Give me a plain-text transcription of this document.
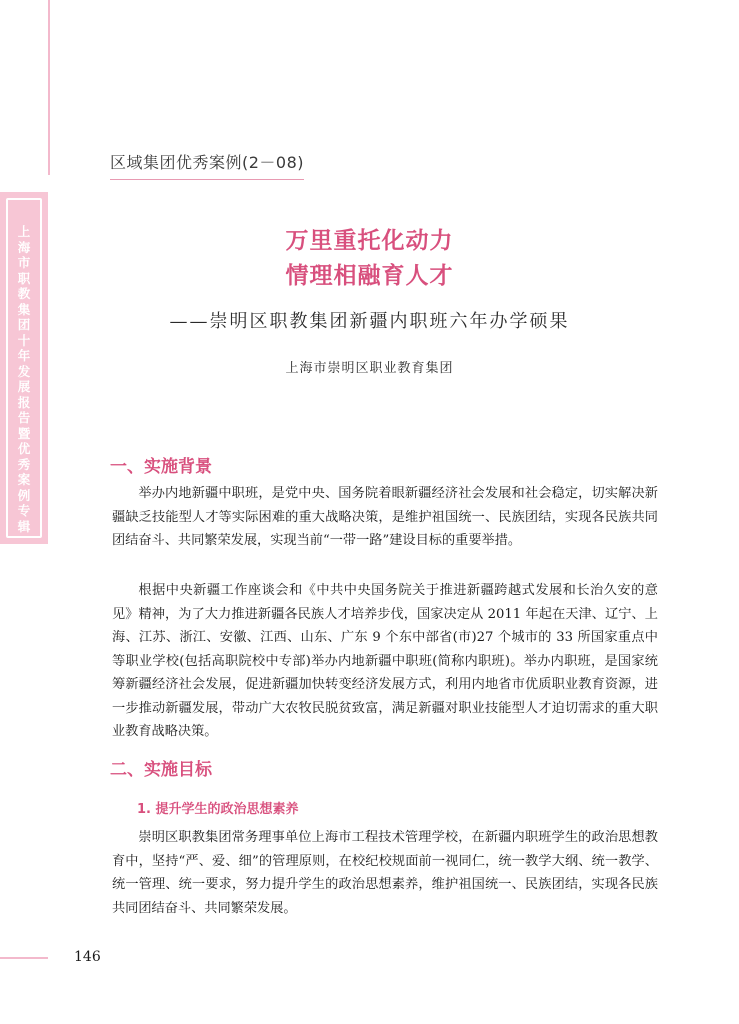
上海市职教集团十年发展报告暨优秀案例专辑
区域集团优秀案例(2－08)
万里重托化动力
情理相融育人才
——崇明区职教集团新疆内职班六年办学硕果
上海市崇明区职业教育集团
一、实施背景

举办内地新疆中职班，是党中央、国务院着眼新疆经济社会发展和社会稳定，切实解决新疆缺乏技能型人才等实际困难的重大战略决策，是维护祖国统一、民族团结，实现各民族共同团结奋斗、共同繁荣发展，实现当前“一带一路”建设目标的重要举措。

根据中央新疆工作座谈会和《中共中央国务院关于推进新疆跨越式发展和长治久安的意见》精神，为了大力推进新疆各民族人才培养步伐，国家决定从 2011 年起在天津、辽宁、上海、江苏、浙江、安徽、江西、山东、广东 9 个东中部省(市)27 个城市的 33 所国家重点中等职业学校(包括高职院校中专部)举办内地新疆中职班(简称内职班)。举办内职班，是国家统筹新疆经济社会发展，促进新疆加快转变经济发展方式，利用内地省市优质职业教育资源，进一步推动新疆发展，带动广大农牧民脱贫致富，满足新疆对职业技能型人才迫切需求的重大职业教育战略决策。

二、实施目标
1. 提升学生的政治思想素养

崇明区职教集团常务理事单位上海市工程技术管理学校，在新疆内职班学生的政治思想教育中，坚持“严、爱、细”的管理原则，在校纪校规面前一视同仁，统一教学大纲、统一教学、统一管理、统一要求，努力提升学生的政治思想素养，维护祖国统一、民族团结，实现各民族共同团结奋斗、共同繁荣发展。

146
